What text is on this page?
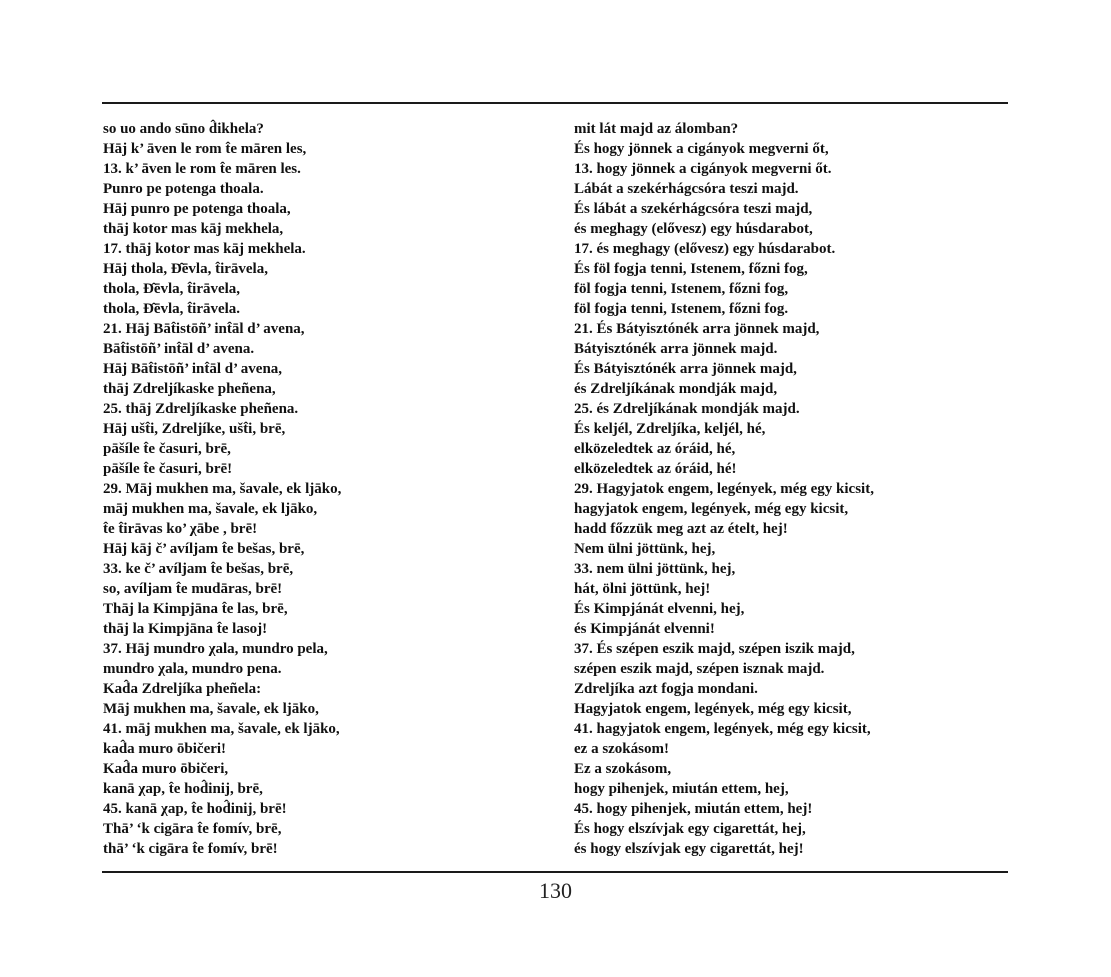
so uo ando sūno d̂ikhela?
Hāj k’ āven le rom t̂e māren les,
13. k’ āven le rom t̂e māren les.
Punro pe potenga thoala.
Hāj punro pe potenga thoala,
thāj kotor mas kāj mekhela,
17. thāj kotor mas kāj mekhela.
Hāj thola, Đ̂ēvla, t̂irāvela,
thola, Đ̂ēvla, t̂irāvela,
thola, Đ̂ēvla, t̂irāvela.
21. Hāj Bāt̂istōñ’ int̂āl d’ avena,
Bāt̂istōñ’ int̂āl d’ avena.
Hāj Bāt̂istōñ’ int̂āl d’ avena,
thāj Zdreljíkaske pheñena,
25. thāj Zdreljíkaske pheñena.
Hāj ušt̂i, Zdreljíke, ušt̂i, brē,
pāšíle t̂e časuri, brē,
pāšíle t̂e časuri, brē!
29. Māj mukhen ma, šavale, ek ljāko,
māj mukhen ma, šavale, ek ljāko,
t̂e t̂irāvas ko’ χābe , brē!
Hāj kāj č’ avíljam t̂e bešas, brē,
33. ke č’ avíljam t̂e bešas, brē,
so, avíljam t̂e mudāras, brē!
Thāj la Kimpjāna t̂e las, brē,
thāj la Kimpjāna t̂e lasoj!
37. Hāj mundro χala, mundro pela,
mundro χala, mundro pena.
Kad̂a Zdreljíka pheñela:
Māj mukhen ma, šavale, ek ljāko,
41. māj mukhen ma, šavale, ek ljāko,
kad̂a muro ōbičeri!
Kad̂a muro ōbičeri,
kanā χap, t̂e hod̂inij, brē,
45. kanā χap, t̂e hod̂inij, brē!
Thā’ ‘k cigāra t̂e fomív, brē,
thā’ ‘k cigāra t̂e fomív, brē!
mit lát majd az álomban?
És hogy jönnek a cigányok megverni őt,
13. hogy jönnek a cigányok megverni őt.
Lábát a szekérhágcsóra teszi majd.
És lábát a szekérhágcsóra teszi majd,
és meghagy (elővesz) egy húsdarabot,
17. és meghagy (elővesz) egy húsdarabot.
És föl fogja tenni, Istenem, főzni fog,
föl fogja tenni, Istenem, főzni fog,
föl fogja tenni, Istenem, főzni fog.
21. És Bátyisztónék arra jönnek majd,
Bátyisztónék arra jönnek majd.
És Bátyisztónék arra jönnek majd,
és Zdreljíkának mondják majd,
25. és Zdreljíkának mondják majd.
És keljél, Zdreljíka, keljél, hé,
elközeledtek az óráid, hé,
elközeledtek az óráid, hé!
29. Hagyjatok engem, legények, még egy kicsit,
hagyjatok engem, legények, még egy kicsit,
hadd főzzük meg azt az ételt, hej!
Nem ülni jöttünk, hej,
33. nem ülni jöttünk, hej,
hát, ölni jöttünk, hej!
És Kimpjánát elvenni, hej,
és Kimpjánát elvenni!
37. És szépen eszik majd, szépen iszik majd,
szépen eszik majd, szépen isznak majd.
Zdreljíka azt fogja mondani.
Hagyjatok engem, legények, még egy kicsit,
41. hagyjatok engem, legények, még egy kicsit,
ez a szokásom!
Ez a szokásom,
hogy pihenjek, miután ettem, hej,
45. hogy pihenjek, miután ettem, hej!
És hogy elszívjak egy cigarettát, hej,
és hogy elszívjak egy cigarettát, hej!
130
